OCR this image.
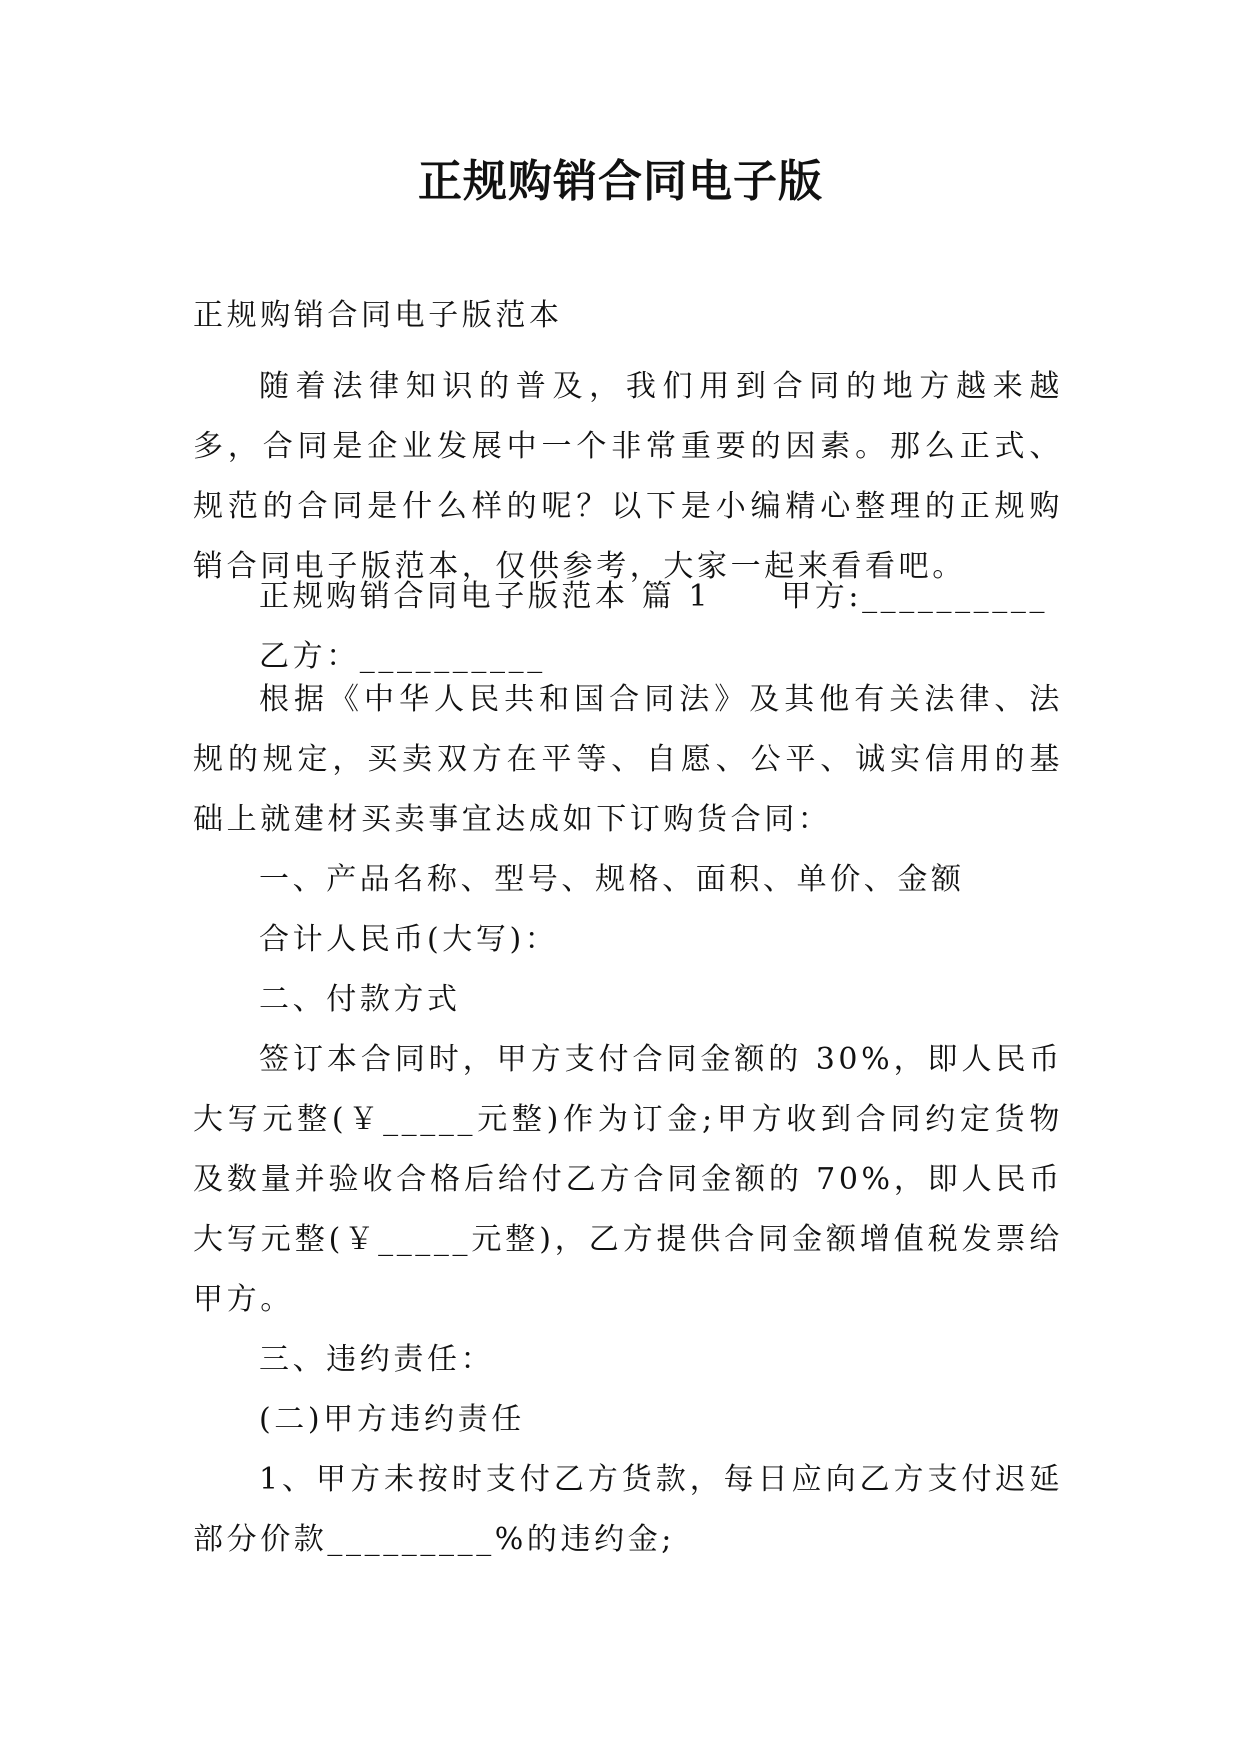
正规购销合同电子版

正规购销合同电子版范本

随着法律知识的普及，我们用到合同的地方越来越多，合同是企业发展中一个非常重要的因素。那么正式、规范的合同是什么样的呢？以下是小编精心整理的正规购销合同电子版范本，仅供参考，大家一起来看看吧。

正规购销合同电子版范本 篇 1 甲方:__________

乙方：__________

根据《中华人民共和国合同法》及其他有关法律、法规的规定，买卖双方在平等、自愿、公平、诚实信用的基础上就建材买卖事宜达成如下订购货合同：

一、产品名称、型号、规格、面积、单价、金额

合计人民币(大写)：

二、付款方式

签订本合同时，甲方支付合同金额的 30%，即人民币大写元整(￥_____元整)作为订金;甲方收到合同约定货物及数量并验收合格后给付乙方合同金额的 70%，即人民币大写元整(￥_____元整)，乙方提供合同金额增值税发票给甲方。

三、违约责任：

(二)甲方违约责任

1、甲方未按时支付乙方货款，每日应向乙方支付迟延部分价款_________%的违约金;
